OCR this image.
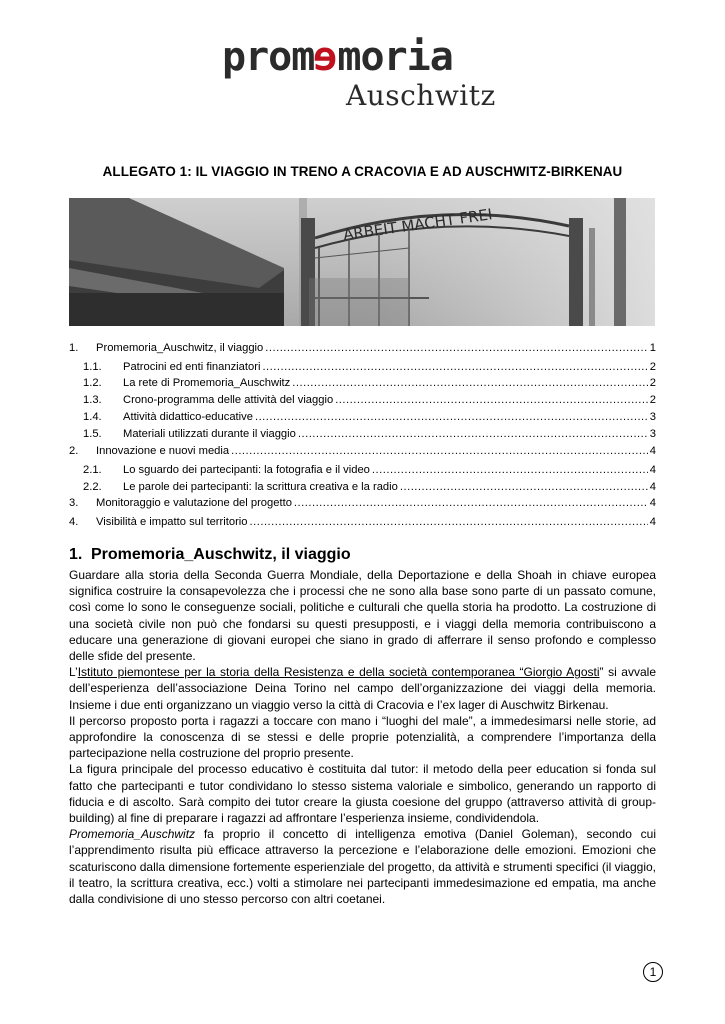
promemoria
Auschwitz
ALLEGATO 1: IL VIAGGIO IN TRENO A CRACOVIA E AD AUSCHWITZ-BIRKENAU
ARBEIT MACHT FREI
1.	Promemoria_Auschwitz, il viaggio .....	1
1.1.	Patrocini ed enti finanziatori .....	2
1.2.	La rete di Promemoria_Auschwitz .....	2
1.3.	Crono-programma delle attività del viaggio .....	2
1.4.	Attività didattico-educative .....	3
1.5.	Materiali utilizzati durante il viaggio .....	3
2.	Innovazione e nuovi media .....	4
2.1.	Lo sguardo dei partecipanti: la fotografia e il video .....	4
2.2.	Le parole dei partecipanti: la scrittura creativa e la radio .....	4
3.	Monitoraggio e valutazione del progetto .....	4
4.	Visibilità e impatto sul territorio .....	4
1. Promemoria_Auschwitz, il viaggio

Guardare alla storia della Seconda Guerra Mondiale, della Deportazione e della Shoah in chiave europea significa costruire la consapevolezza che i processi che ne sono alla base sono parte di un passato comune, così come lo sono le conseguenze sociali, politiche e culturali che quella storia ha prodotto. La costruzione di una società civile non può che fondarsi su questi presupposti, e i viaggi della memoria contribuiscono a educare una generazione di giovani europei che siano in grado di afferrare il senso profondo e complesso delle sfide del presente.

L’Istituto piemontese per la storia della Resistenza e della società contemporanea “Giorgio Agosti” si avvale dell’esperienza dell’associazione Deina Torino nel campo dell’organizzazione dei viaggi della memoria. Insieme i due enti organizzano un viaggio verso la città di Cracovia e l’ex lager di Auschwitz Birkenau.

Il percorso proposto porta i ragazzi a toccare con mano i “luoghi del male”, a immedesimarsi nelle storie, ad approfondire la conoscenza di se stessi e delle proprie potenzialità, a comprendere l’importanza della partecipazione nella costruzione del proprio presente.

La figura principale del processo educativo è costituita dal tutor: il metodo della peer education si fonda sul fatto che partecipanti e tutor condividano lo stesso sistema valoriale e simbolico, generando un rapporto di fiducia e di ascolto. Sarà compito dei tutor creare la giusta coesione del gruppo (attraverso attività di group-building) al fine di preparare i ragazzi ad affrontare l’esperienza insieme, condividendola.

Promemoria_Auschwitz fa proprio il concetto di intelligenza emotiva (Daniel Goleman), secondo cui l’apprendimento risulta più efficace attraverso la percezione e l’elaborazione delle emozioni. Emozioni che scaturiscono dalla dimensione fortemente esperienziale del progetto, da attività e strumenti specifici (il viaggio, il teatro, la scrittura creativa, ecc.) volti a stimolare nei partecipanti immedesimazione ed empatia, ma anche dalla condivisione di uno stesso percorso con altri coetanei.

1
